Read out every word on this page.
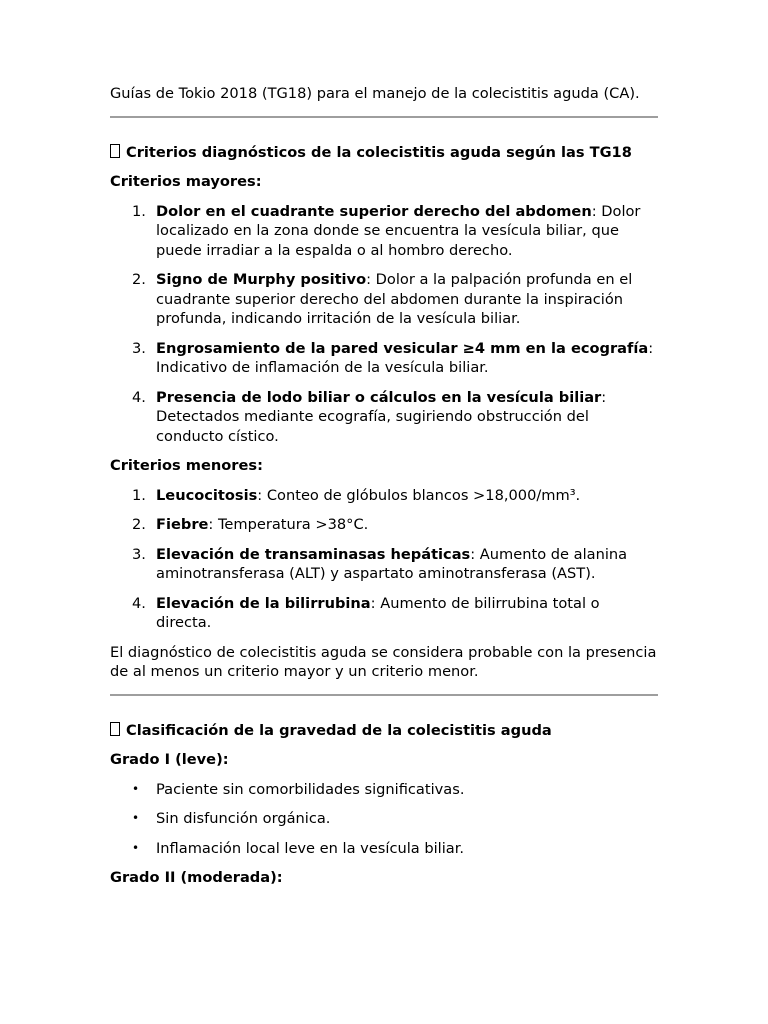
Guías de Tokio 2018 (TG18) para el manejo de la colecistitis aguda (CA).

Criterios diagnósticos de la colecistitis aguda según las TG18

Criterios mayores:

1. Dolor en el cuadrante superior derecho del abdomen: Dolor localizado en la zona donde se encuentra la vesícula biliar, que puede irradiar a la espalda o al hombro derecho.
2. Signo de Murphy positivo: Dolor a la palpación profunda en el cuadrante superior derecho del abdomen durante la inspiración profunda, indicando irritación de la vesícula biliar.
3. Engrosamiento de la pared vesicular ≥4 mm en la ecografía: Indicativo de inflamación de la vesícula biliar.
4. Presencia de lodo biliar o cálculos en la vesícula biliar: Detectados mediante ecografía, sugiriendo obstrucción del conducto cístico.

Criterios menores:

1. Leucocitosis: Conteo de glóbulos blancos >18,000/mm³.
2. Fiebre: Temperatura >38°C.
3. Elevación de transaminasas hepáticas: Aumento de alanina aminotransferasa (ALT) y aspartato aminotransferasa (AST).
4. Elevación de la bilirrubina: Aumento de bilirrubina total o directa.

El diagnóstico de colecistitis aguda se considera probable con la presencia de al menos un criterio mayor y un criterio menor.

Clasificación de la gravedad de la colecistitis aguda

Grado I (leve):

• Paciente sin comorbilidades significativas.
• Sin disfunción orgánica.
• Inflamación local leve en la vesícula biliar.

Grado II (moderada):
